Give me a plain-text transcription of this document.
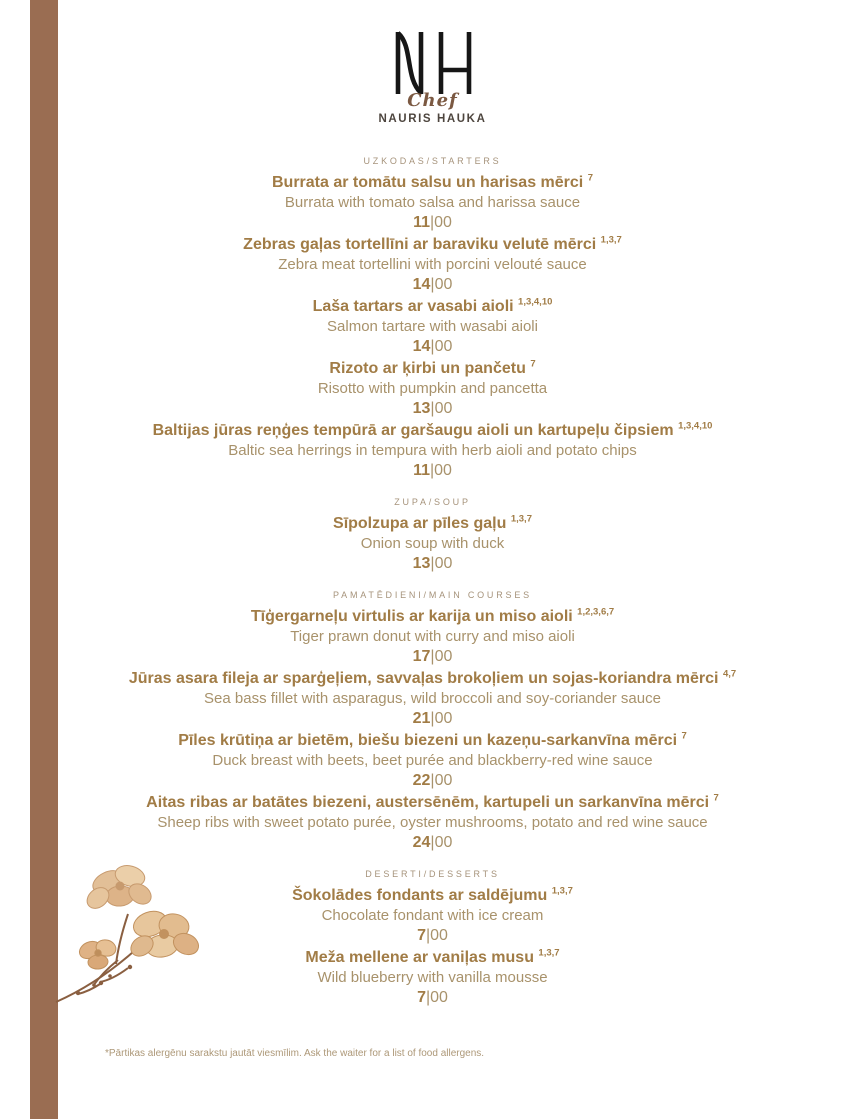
Chef
NAURIS HAUKA
UZKODAS/STARTERS
Burrata ar tomātu salsu un harisas mērci $^7$
Burrata with tomato salsa and harissa sauce
11|00
Zebras gaļas tortellīni ar baraviku velutē mērci $^{1,3,7}$
Zebra meat tortellini with porcini velouté sauce
14|00
Laša tartars ar vasabi aioli $^{1,3,4,10}$
Salmon tartare with wasabi aioli
14|00
Rizoto ar ķirbi un pančetu $^7$
Risotto with pumpkin and pancetta
13|00
Baltijas jūras reņģes tempūrā ar garšaugu aioli un kartupeļu čipsiem $^{1,3,4,10}$
Baltic sea herrings in tempura with herb aioli and potato chips
11|00
ZUPA/SOUP
Sīpolzupa ar pīles gaļu $^{1,3,7}$
Onion soup with duck
13|00
PAMATĒDIENI/MAIN COURSES
Tīģergarneļu virtulis ar karija un miso aioli $^{1,2,3,6,7}$
Tiger prawn donut with curry and miso aioli
17|00
Jūras asara fileja ar sparģeļiem, savvaļas brokoļiem un sojas-koriandra mērci $^{4,7}$
Sea bass fillet with asparagus, wild broccoli and soy-coriander sauce
21|00
Pīles krūtiņa ar bietēm, biešu biezeni un kazeņu-sarkanvīna mērci $^7$
Duck breast with beets, beet purée and blackberry-red wine sauce
22|00
Aitas ribas ar batātes biezeni, austersēnēm, kartupeli un sarkanvīna mērci $^7$
Sheep ribs with sweet potato purée, oyster mushrooms, potato and red wine sauce
24|00
DESERTI/DESSERTS
Šokolādes fondants ar saldējumu $^{1,3,7}$
Chocolate fondant with ice cream
7|00
Meža mellene ar vaniļas musu $^{1,3,7}$
Wild blueberry with vanilla mousse
7|00
*Pārtikas alergēnu sarakstu jautāt viesmīlim. Ask the waiter for a list of food allergens.
